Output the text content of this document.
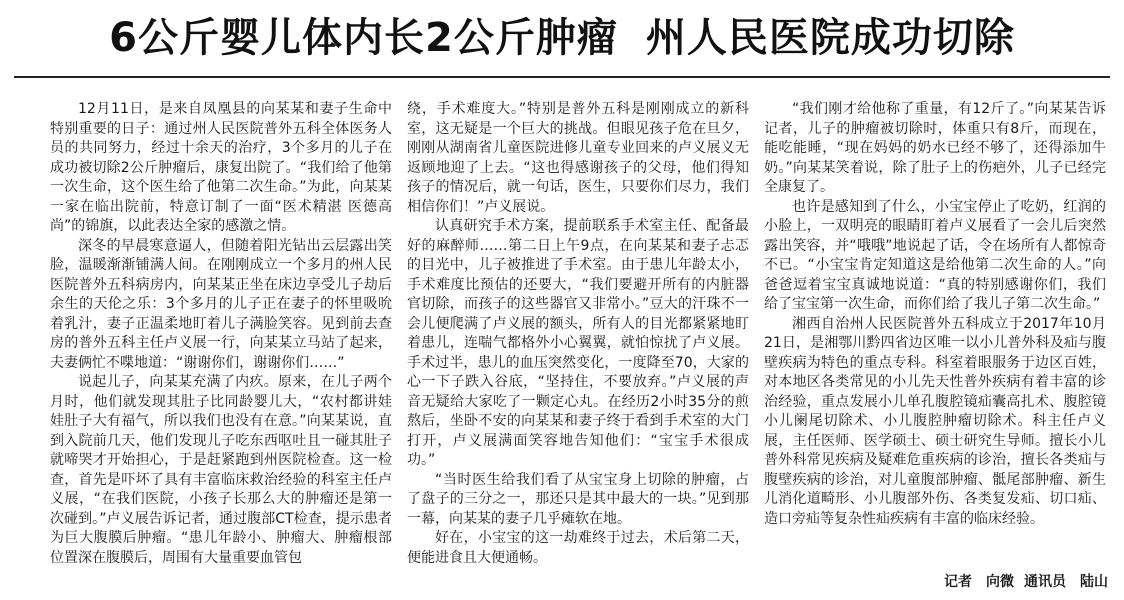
6公斤婴儿体内长2公斤肿瘤 州人民医院成功切除

12月11日，是来自凤凰县的向某某和妻子生命中特别重要的日子：通过州人民医院普外五科全体医务人员的共同努力，经过十余天的治疗，3个多月的儿子在成功被切除2公斤肿瘤后，康复出院了。“我们给了他第一次生命，这个医生给了他第二次生命。”为此，向某某一家在临出院前，特意订制了一面“医术精湛 医德高尚”的锦旗，以此表达全家的感激之情。

深冬的早晨寒意逼人，但随着阳光钻出云层露出笑脸，温暖渐渐铺满人间。在刚刚成立一个多月的州人民医院普外五科病房内，向某某正坐在床边享受儿子劫后余生的天伦之乐：3个多月的儿子正在妻子的怀里吸吮着乳汁，妻子正温柔地盯着儿子满脸笑容。见到前去查房的普外五科主任卢义展一行，向某某立马站了起来，夫妻俩忙不喋地道：“谢谢你们，谢谢你们……”

说起儿子，向某某充满了内疚。原来，在儿子两个月时，他们就发现其肚子比同龄婴儿大，“农村都讲娃娃肚子大有福气，所以我们也没有在意。”向某某说，直到入院前几天，他们发现儿子吃东西呕吐且一碰其肚子就啼哭才开始担心，于是赶紧跑到州医院检查。这一检查，首先是吓坏了具有丰富临床救治经验的科室主任卢义展，“在我们医院，小孩子长那么大的肿瘤还是第一次碰到。”卢义展告诉记者，通过腹部CT检查，提示患者为巨大腹膜后肿瘤。“患儿年龄小、肿瘤大、肿瘤根部位置深在腹膜后，周围有大量重要血管包

绕，手术难度大。”特别是普外五科是刚刚成立的新科室，这无疑是一个巨大的挑战。但眼见孩子危在旦夕，刚刚从湖南省儿童医院进修儿童专业回来的卢义展义无返顾地迎了上去。“这也得感谢孩子的父母，他们得知孩子的情况后，就一句话，医生，只要你们尽力，我们相信你们！”卢义展说。

认真研究手术方案，提前联系手术室主任、配备最好的麻醉师……第二日上午9点，在向某某和妻子忐忑的目光中，儿子被推进了手术室。由于患儿年龄太小，手术难度比预估的还要大，“我们要避开所有的内脏器官切除，而孩子的这些器官又非常小。”豆大的汗珠不一会儿便爬满了卢义展的额头，所有人的目光都紧紧地盯着患儿，连喘气都格外小心翼翼，就怕惊扰了卢义展。手术过半，患儿的血压突然变化，一度降至70，大家的心一下子跌入谷底，“坚持住，不要放弃。”卢义展的声音无疑给大家吃了一颗定心丸。在经历2小时35分的煎熬后，坐卧不安的向某某和妻子终于看到手术室的大门打开，卢义展满面笑容地告知他们：“宝宝手术很成功。”

“当时医生给我们看了从宝宝身上切除的肿瘤，占了盘子的三分之一，那还只是其中最大的一块。”见到那一幕，向某某的妻子几乎瘫软在地。

好在，小宝宝的这一劫难终于过去，术后第二天，便能进食且大便通畅。

“我们刚才给他称了重量，有12斤了。”向某某告诉记者，儿子的肿瘤被切除时，体重只有8斤，而现在，能吃能睡，“现在妈妈的奶水已经不够了，还得添加牛奶。”向某某笑着说，除了肚子上的伤疤外，儿子已经完全康复了。

也许是感知到了什么，小宝宝停止了吃奶，红润的小脸上，一双明亮的眼睛盯着卢义展看了一会儿后突然露出笑容，并“哦哦”地说起了话，令在场所有人都惊奇不已。“小宝宝肯定知道这是给他第二次生命的人。”向爸爸逗着宝宝真诚地说道：“真的特别感谢你们，我们给了宝宝第一次生命，而你们给了我儿子第二次生命。”

湘西自治州人民医院普外五科成立于2017年10月21日，是湘鄂川黔四省边区唯一以小儿普外科及疝与腹壁疾病为特色的重点专科。科室着眼服务于边区百姓，对本地区各类常见的小儿先天性普外疾病有着丰富的诊治经验，重点发展小儿单孔腹腔镜疝囊高扎术、腹腔镜小儿阑尾切除术、小儿腹腔肿瘤切除术。科主任卢义展，主任医师、医学硕士、硕士研究生导师。擅长小儿普外科常见疾病及疑难危重疾病的诊治，擅长各类疝与腹壁疾病的诊治，对儿童腹部肿瘤、骶尾部肿瘤、新生儿消化道畸形、小儿腹部外伤、各类复发疝、切口疝、造口旁疝等复杂性疝疾病有丰富的临床经验。

记者　向微 通讯员　陆山
